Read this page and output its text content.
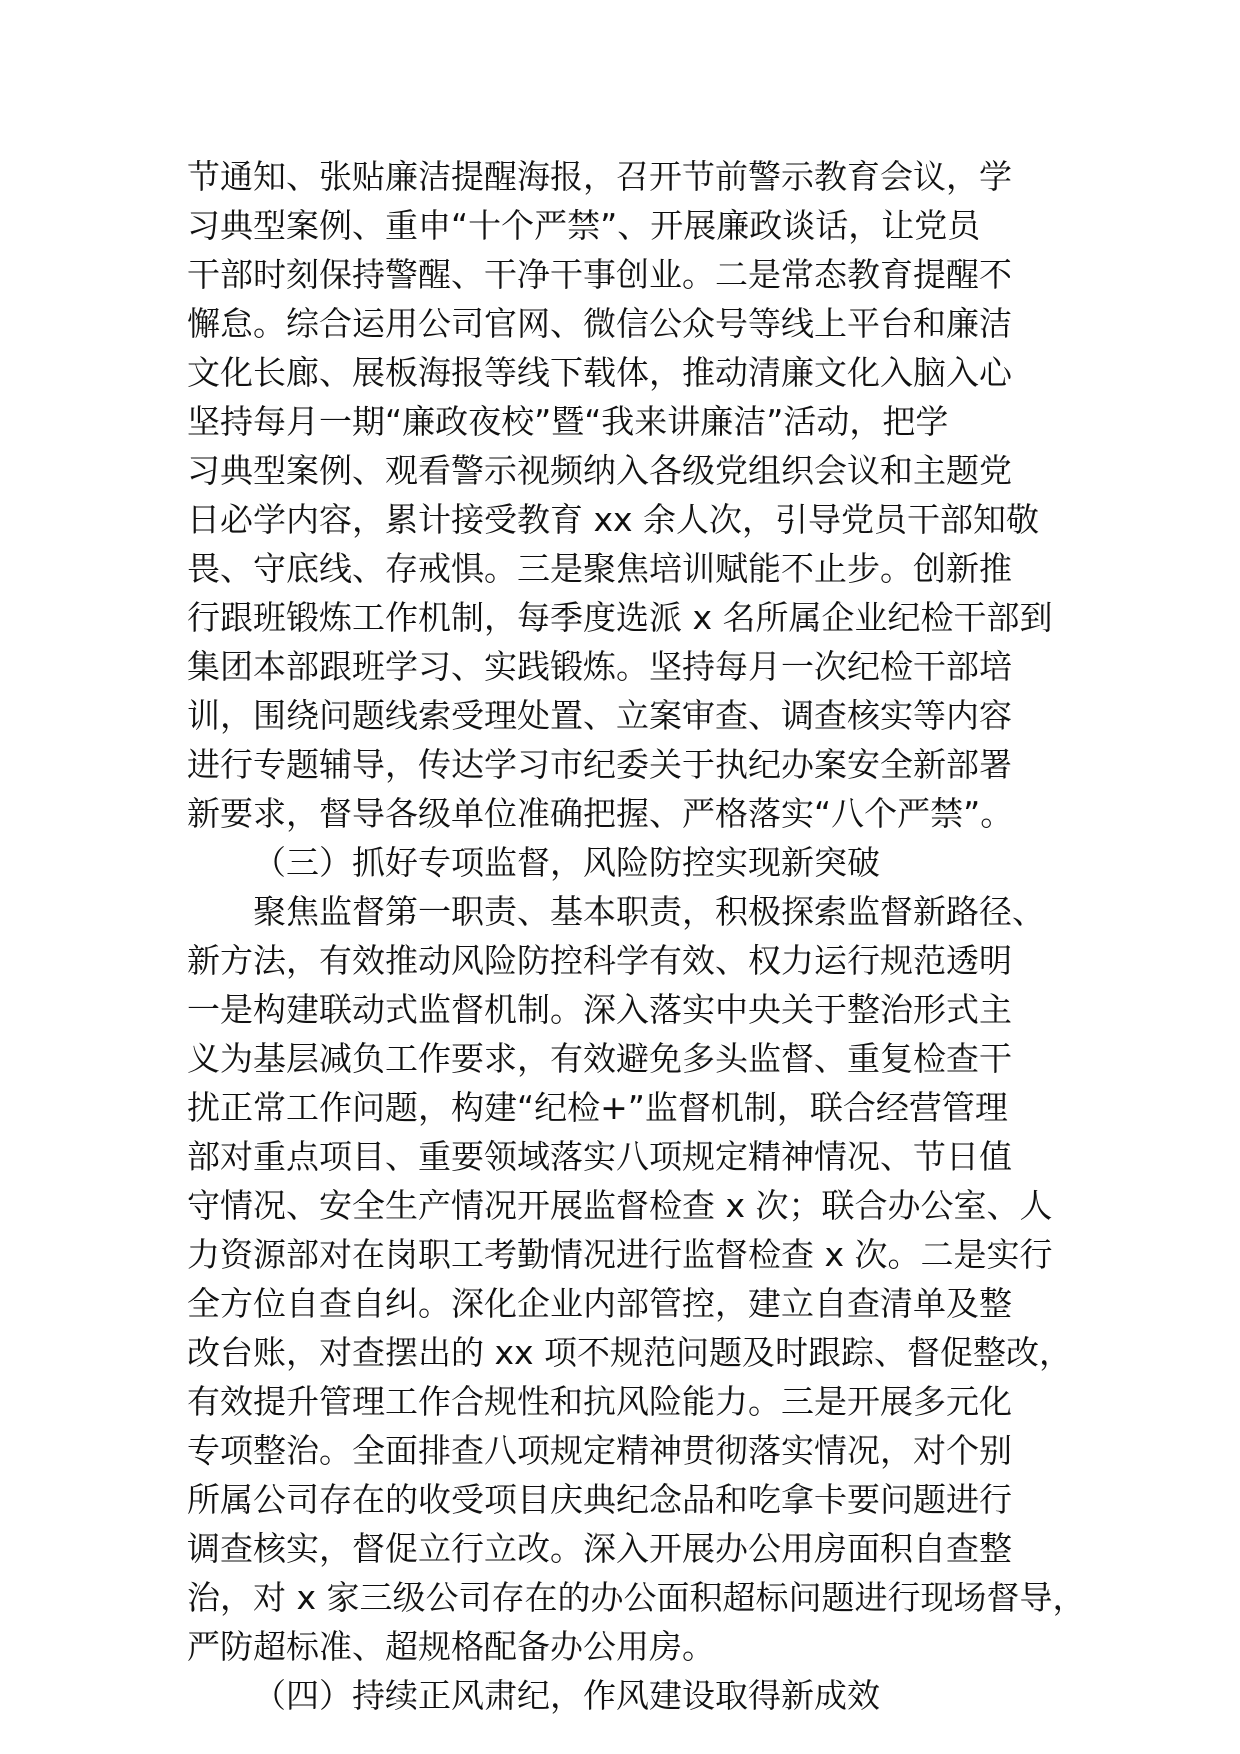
节通知、张贴廉洁提醒海报，召开节前警示教育会议，学
习典型案例、重申“十个严禁”、开展廉政谈话，让党员
干部时刻保持警醒、干净干事创业。二是常态教育提醒不
懈怠。综合运用公司官网、微信公众号等线上平台和廉洁
文化长廊、展板海报等线下载体，推动清廉文化入脑入心
坚持每月一期“廉政夜校”暨“我来讲廉洁”活动，把学
习典型案例、观看警示视频纳入各级党组织会议和主题党
日必学内容，累计接受教育 xx 余人次，引导党员干部知敬
畏、守底线、存戒惧。三是聚焦培训赋能不止步。创新推
行跟班锻炼工作机制，每季度选派 x 名所属企业纪检干部到
集团本部跟班学习、实践锻炼。坚持每月一次纪检干部培
训，围绕问题线索受理处置、立案审查、调查核实等内容
进行专题辅导，传达学习市纪委关于执纪办案安全新部署
新要求，督导各级单位准确把握、严格落实“八个严禁”。
（三）抓好专项监督，风险防控实现新突破
聚焦监督第一职责、基本职责，积极探索监督新路径、
新方法，有效推动风险防控科学有效、权力运行规范透明
一是构建联动式监督机制。深入落实中央关于整治形式主
义为基层减负工作要求，有效避免多头监督、重复检查干
扰正常工作问题，构建“纪检+”监督机制，联合经营管理
部对重点项目、重要领域落实八项规定精神情况、节日值
守情况、安全生产情况开展监督检查 x 次；联合办公室、人
力资源部对在岗职工考勤情况进行监督检查 x 次。二是实行
全方位自查自纠。深化企业内部管控，建立自查清单及整
改台账，对查摆出的 xx 项不规范问题及时跟踪、督促整改，
有效提升管理工作合规性和抗风险能力。三是开展多元化
专项整治。全面排查八项规定精神贯彻落实情况，对个别
所属公司存在的收受项目庆典纪念品和吃拿卡要问题进行
调查核实，督促立行立改。深入开展办公用房面积自查整
治，对 x 家三级公司存在的办公面积超标问题进行现场督导，
严防超标准、超规格配备办公用房。
（四）持续正风肃纪，作风建设取得新成效
